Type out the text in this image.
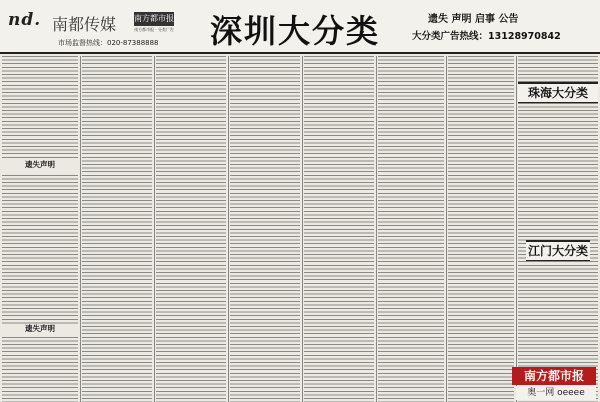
nd. 南都传媒 南方都市报
南方都市报 · 分类广告
市场监督热线：020-87388888 深圳大分类	遗失 声明 启事 公告
大分类广告热线：13128970842
遗失声明
遗失声明
珠海大分类
江门大分类
南方都市报
奥一网 oeeee
